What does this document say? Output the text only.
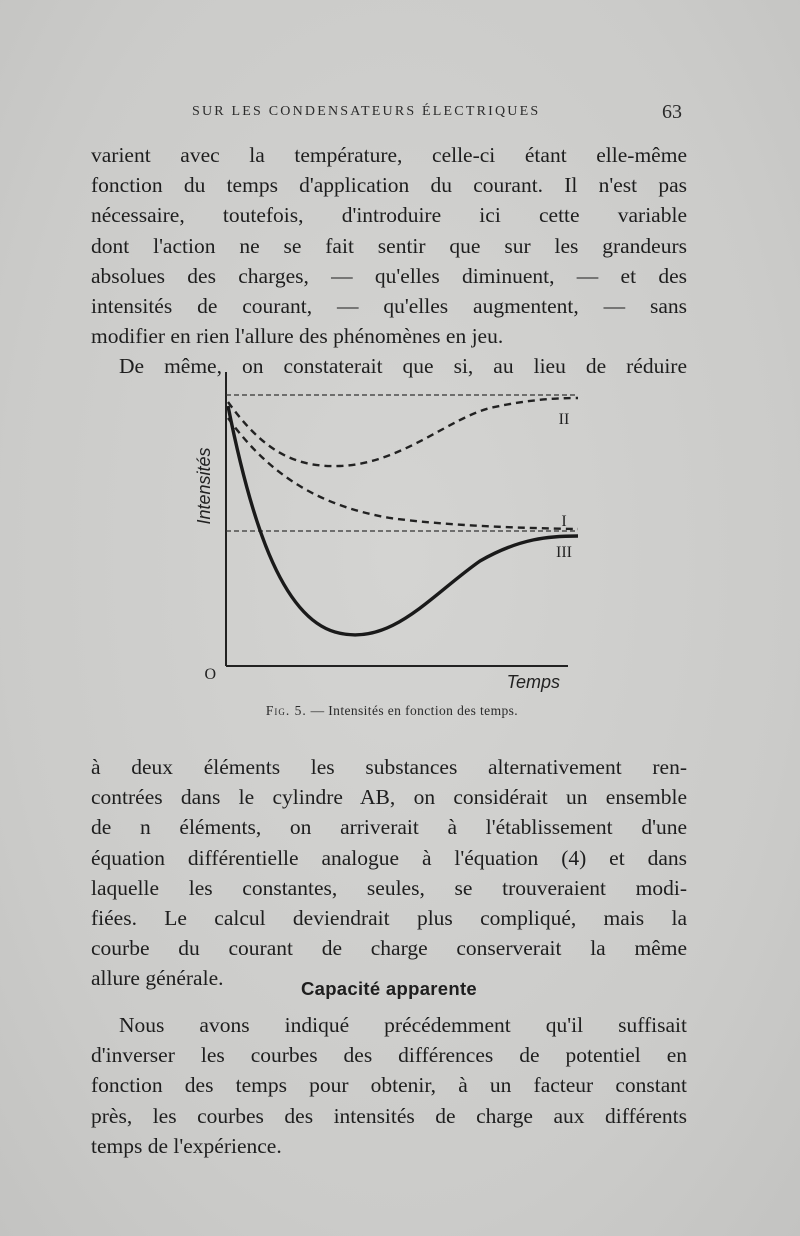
SUR LES CONDENSATEURS ÉLECTRIQUES	63
varient avec la température, celle-ci étant elle-même
fonction du temps d'application du courant. Il n'est pas
nécessaire, toutefois, d'introduire ici cette variable
dont l'action ne se fait sentir que sur les grandeurs
absolues des charges, — qu'elles diminuent, — et des
intensités de courant, — qu'elles augmentent, — sans
modifier en rien l'allure des phénomènes en jeu.
De même, on constaterait que si, au lieu de réduire
Intensités
Temps
O
II
I
III
Fig. 5. — Intensités en fonction des temps.
à deux éléments les substances alternativement ren-
contrées dans le cylindre AB, on considérait un ensemble
de n éléments, on arriverait à l'établissement d'une
équation différentielle analogue à l'équation (4) et dans
laquelle les constantes, seules, se trouveraient modi-
fiées. Le calcul deviendrait plus compliqué, mais la
courbe du courant de charge conserverait la même
allure générale.	Capacité apparente
Nous avons indiqué précédemment qu'il suffisait
d'inverser les courbes des différences de potentiel en
fonction des temps pour obtenir, à un facteur constant
près, les courbes des intensités de charge aux différents
temps de l'expérience.
